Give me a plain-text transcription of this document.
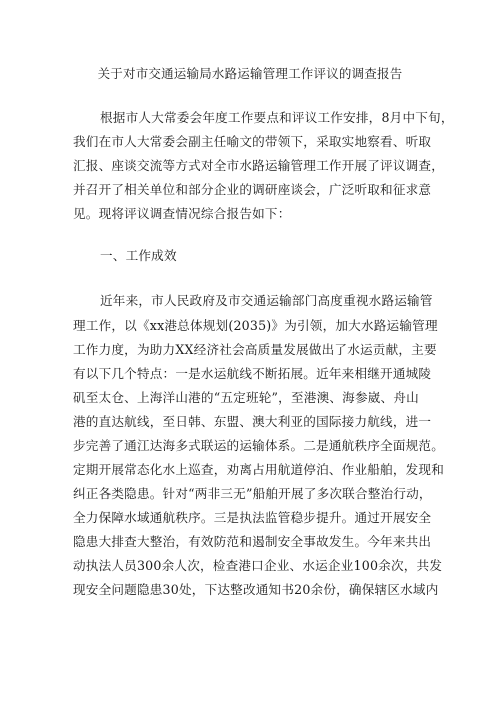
关于对市交通运输局水路运输管理工作评议的调查报告
根据市人大常委会年度工作要点和评议工作安排，8月中下旬，
我们在市人大常委会副主任喻文的带领下，采取实地察看、听取
汇报、座谈交流等方式对全市水路运输管理工作开展了评议调查，
并召开了相关单位和部分企业的调研座谈会，广泛听取和征求意
见。现将评议调查情况综合报告如下：
一、工作成效
近年来，市人民政府及市交通运输部门高度重视水路运输管
理工作，以《xx港总体规划(2035)》为引领，加大水路运输管理
工作力度，为助力XX经济社会高质量发展做出了水运贡献，主要
有以下几个特点：一是水运航线不断拓展。近年来相继开通城陵
矶至太仓、上海洋山港的“五定班轮”，至港澳、海参崴、舟山
港的直达航线，至日韩、东盟、澳大利亚的国际接力航线，进一
步完善了通江达海多式联运的运输体系。二是通航秩序全面规范。
定期开展常态化水上巡查，劝离占用航道停泊、作业船舶，发现和
纠正各类隐患。针对“两非三无”船舶开展了多次联合整治行动，
全力保障水域通航秩序。三是执法监管稳步提升。通过开展安全
隐患大排查大整治，有效防范和遏制安全事故发生。今年来共出
动执法人员300余人次，检查港口企业、水运企业100余次，共发
现安全问题隐患30处，下达整改通知书20余份，确保辖区水域内
